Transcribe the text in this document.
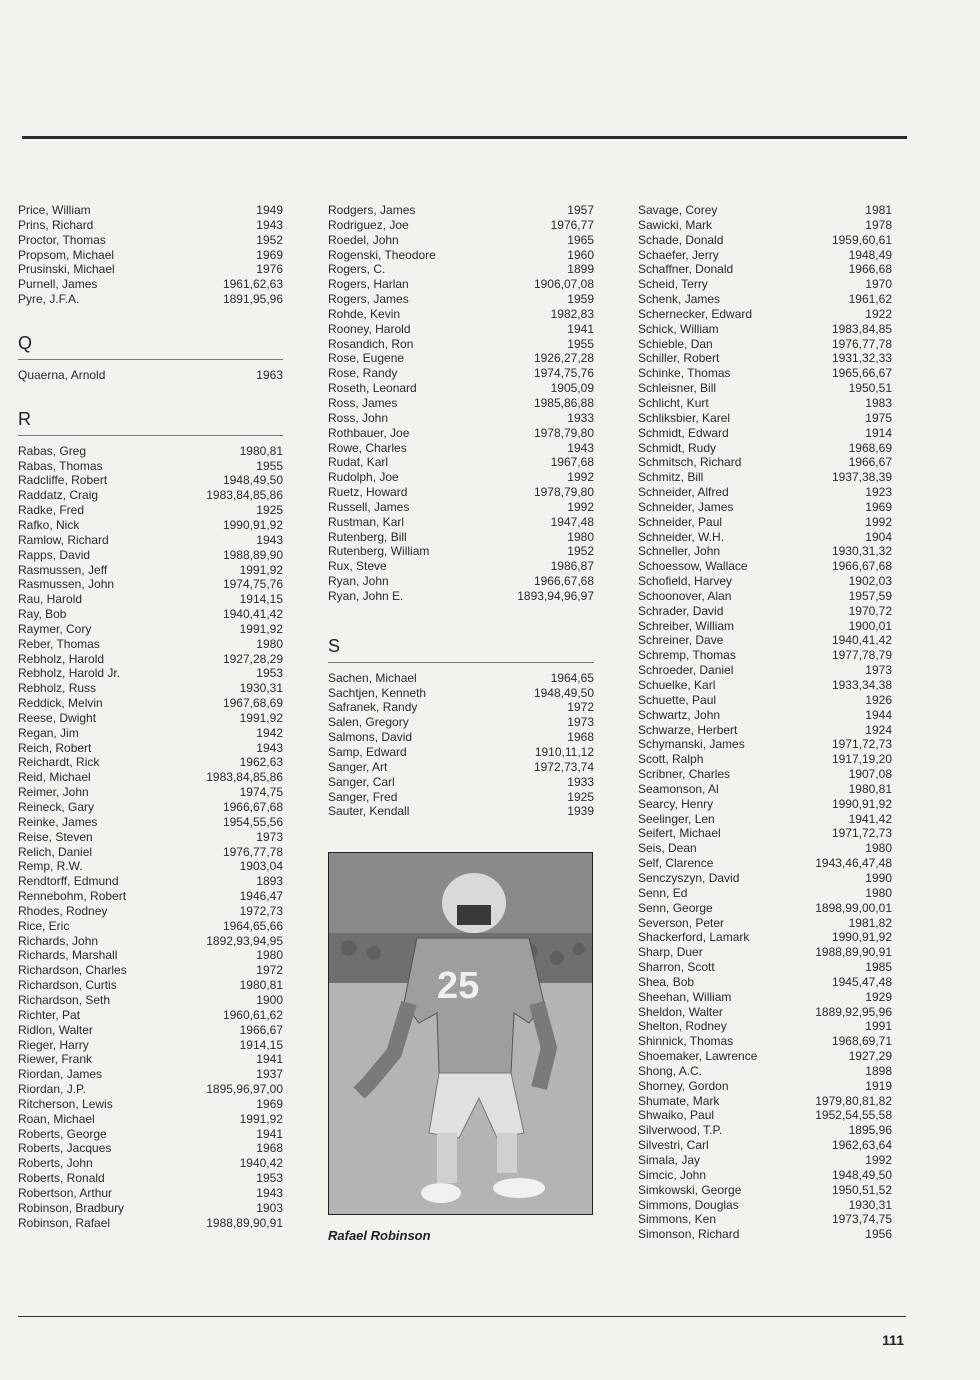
Price, William	1949
Prins, Richard	1943
Proctor, Thomas	1952
Propsom, Michael	1969
Prusinski, Michael	1976
Purnell, James	1961,62,63
Pyre, J.F.A.	1891,95,96
Q
Quaerna, Arnold	1963
R
Rabas, Greg	1980,81
Rabas, Thomas	1955
Radcliffe, Robert	1948,49,50
Raddatz, Craig	1983,84,85,86
Radke, Fred	1925
Rafko, Nick	1990,91,92
Ramlow, Richard	1943
Rapps, David	1988,89,90
Rasmussen, Jeff	1991,92
Rasmussen, John	1974,75,76
Rau, Harold	1914,15
Ray, Bob	1940,41,42
Raymer, Cory	1991,92
Reber, Thomas	1980
Rebholz, Harold	1927,28,29
Rebholz, Harold Jr.	1953
Rebholz, Russ	1930,31
Reddick, Melvin	1967,68,69
Reese, Dwight	1991,92
Regan, Jim	1942
Reich, Robert	1943
Reichardt, Rick	1962,63
Reid, Michael	1983,84,85,86
Reimer, John	1974,75
Reineck, Gary	1966,67,68
Reinke, James	1954,55,56
Reise, Steven	1973
Relich, Daniel	1976,77,78
Remp, R.W.	1903,04
Rendtorff, Edmund	1893
Rennebohm, Robert	1946,47
Rhodes, Rodney	1972,73
Rice, Eric	1964,65,66
Richards, John	1892,93,94,95
Richards, Marshall	1980
Richardson, Charles	1972
Richardson, Curtis	1980,81
Richardson, Seth	1900
Richter, Pat	1960,61,62
Ridlon, Walter	1966,67
Rieger, Harry	1914,15
Riewer, Frank	1941
Riordan, James	1937
Riordan, J.P.	1895,96,97,00
Ritcherson, Lewis	1969
Roan, Michael	1991,92
Roberts, George	1941
Roberts, Jacques	1968
Roberts, John	1940,42
Roberts, Ronald	1953
Robertson, Arthur	1943
Robinson, Bradbury	1903
Robinson, Rafael	1988,89,90,91
Rodgers, James	1957
Rodriguez, Joe	1976,77
Roedel, John	1965
Rogenski, Theodore	1960
Rogers, C.	1899
Rogers, Harlan	1906,07,08
Rogers, James	1959
Rohde, Kevin	1982,83
Rooney, Harold	1941
Rosandich, Ron	1955
Rose, Eugene	1926,27,28
Rose, Randy	1974,75,76
Roseth, Leonard	1905,09
Ross, James	1985,86,88
Ross, John	1933
Rothbauer, Joe	1978,79,80
Rowe, Charles	1943
Rudat, Karl	1967,68
Rudolph, Joe	1992
Ruetz, Howard	1978,79,80
Russell, James	1992
Rustman, Karl	1947,48
Rutenberg, Bill	1980
Rutenberg, William	1952
Rux, Steve	1986,87
Ryan, John	1966,67,68
Ryan, John E.	1893,94,96,97
S
Sachen, Michael	1964,65
Sachtjen, Kenneth	1948,49,50
Safranek, Randy	1972
Salen, Gregory	1973
Salmons, David	1968
Samp, Edward	1910,11,12
Sanger, Art	1972,73,74
Sanger, Carl	1933
Sanger, Fred	1925
Sauter, Kendall	1939
Savage, Corey	1981
Sawicki, Mark	1978
Schade, Donald	1959,60,61
Schaefer, Jerry	1948,49
Schaffner, Donald	1966,68
Scheid, Terry	1970
Schenk, James	1961,62
Schernecker, Edward	1922
Schick, William	1983,84,85
Schieble, Dan	1976,77,78
Schiller, Robert	1931,32,33
Schinke, Thomas	1965,66,67
Schleisner, Bill	1950,51
Schlicht, Kurt	1983
Schliksbier, Karel	1975
Schmidt, Edward	1914
Schmidt, Rudy	1968,69
Schmitsch, Richard	1966,67
Schmitz, Bill	1937,38,39
Schneider, Alfred	1923
Schneider, James	1969
Schneider, Paul	1992
Schneider, W.H.	1904
Schneller, John	1930,31,32
Schoessow, Wallace	1966,67,68
Schofield, Harvey	1902,03
Schoonover, Alan	1957,59
Schrader, David	1970,72
Schreiber, William	1900,01
Schreiner, Dave	1940,41,42
Schremp, Thomas	1977,78,79
Schroeder, Daniel	1973
Schuelke, Karl	1933,34,38
Schuette, Paul	1926
Schwartz, John	1944
Schwarze, Herbert	1924
Schymanski, James	1971,72,73
Scott, Ralph	1917,19,20
Scribner, Charles	1907,08
Seamonson, Al	1980,81
Searcy, Henry	1990,91,92
Seelinger, Len	1941,42
Seifert, Michael	1971,72,73
Seis, Dean	1980
Self, Clarence	1943,46,47,48
Senczyszyn, David	1990
Senn, Ed	1980
Senn, George	1898,99,00,01
Severson, Peter	1981,82
Shackerford, Lamark	1990,91,92
Sharp, Duer	1988,89,90,91
Sharron, Scott	1985
Shea, Bob	1945,47,48
Sheehan, William	1929
Sheldon, Walter	1889,92,95,96
Shelton, Rodney	1991
Shinnick, Thomas	1968,69,71
Shoemaker, Lawrence	1927,29
Shong, A.C.	1898
Shorney, Gordon	1919
Shumate, Mark	1979,80,81,82
Shwaiko, Paul	1952,54,55,58
Silverwood, T.P.	1895,96
Silvestri, Carl	1962,63,64
Simala, Jay	1992
Simcic, John	1948,49,50
Simkowski, George	1950,51,52
Simmons, Douglas	1930,31
Simmons, Ken	1973,74,75
Simonson, Richard	1956
25
Rafael Robinson
111
